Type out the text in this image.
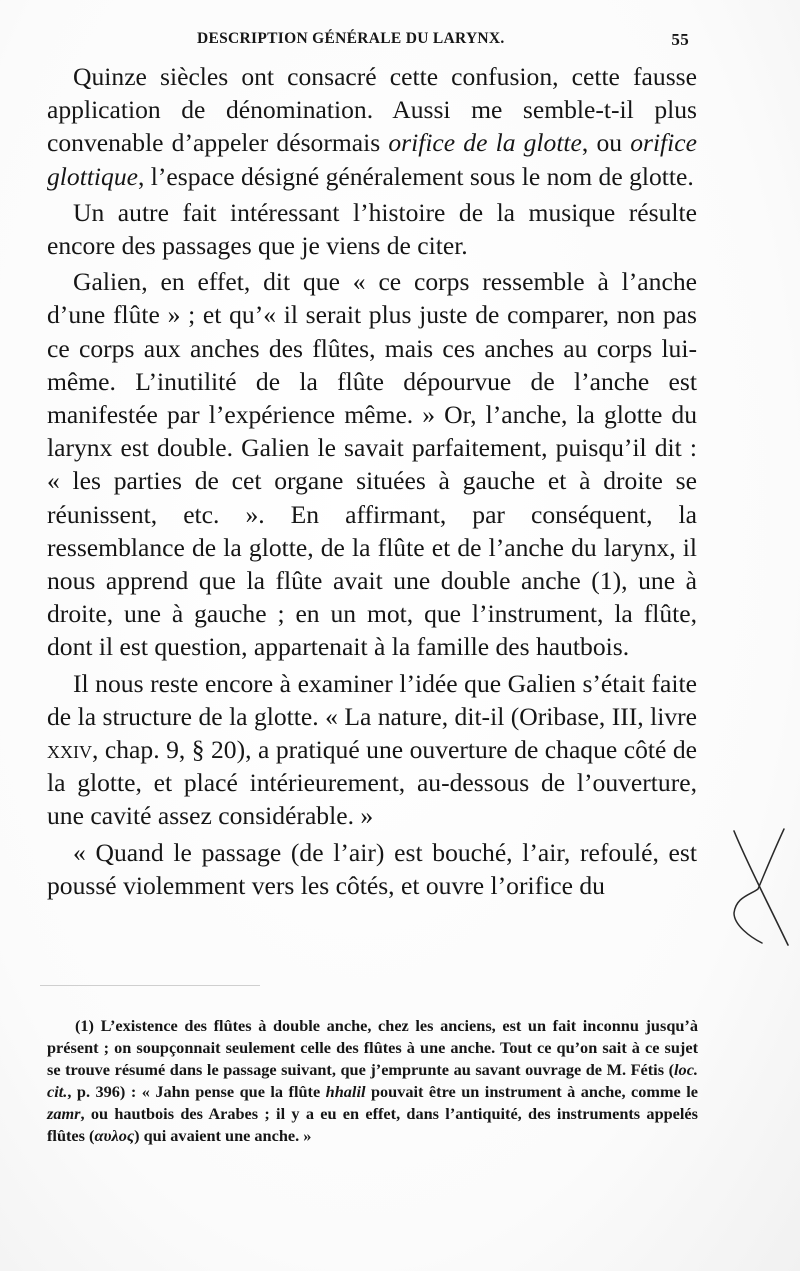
DESCRIPTION GÉNÉRALE DU LARYNX.	55

Quinze siècles ont consacré cette confusion, cette fausse application de dénomination. Aussi me semble-t-il plus convenable d’appeler désormais orifice de la glotte, ou orifice glottique, l’espace désigné généralement sous le nom de glotte.

Un autre fait intéressant l’histoire de la musique résulte encore des passages que je viens de citer.

Galien, en effet, dit que « ce corps ressemble à l’anche d’une flûte » ; et qu’« il serait plus juste de comparer, non pas ce corps aux anches des flûtes, mais ces anches au corps lui-même. L’inutilité de la flûte dépourvue de l’anche est manifestée par l’expérience même. » Or, l’anche, la glotte du larynx est double. Galien le savait parfaitement, puisqu’il dit : « les parties de cet organe situées à gauche et à droite se réunissent, etc. ». En affirmant, par conséquent, la ressemblance de la glotte, de la flûte et de l’anche du larynx, il nous apprend que la flûte avait une double anche (1), une à droite, une à gauche ; en un mot, que l’instrument, la flûte, dont il est question, appartenait à la famille des hautbois.

Il nous reste encore à examiner l’idée que Galien s’était faite de la structure de la glotte. « La nature, dit-il (Oribase, III, livre xxiv, chap. 9, § 20), a pratiqué une ouverture de chaque côté de la glotte, et placé intérieurement, au-dessous de l’ouverture, une cavité assez considérable. »

« Quand le passage (de l’air) est bouché, l’air, refoulé, est poussé violemment vers les côtés, et ouvre l’orifice du

(1) L’existence des flûtes à double anche, chez les anciens, est un fait inconnu jusqu’à présent ; on soupçonnait seulement celle des flûtes à une anche. Tout ce qu’on sait à ce sujet se trouve résumé dans le passage suivant, que j’emprunte au savant ouvrage de M. Fétis (loc. cit., p. 396) : « Jahn pense que la flûte hhalil pouvait être un instrument à anche, comme le zamr, ou hautbois des Arabes ; il y a eu en effet, dans l’antiquité, des instruments appelés flûtes (αυλος) qui avaient une anche. »
